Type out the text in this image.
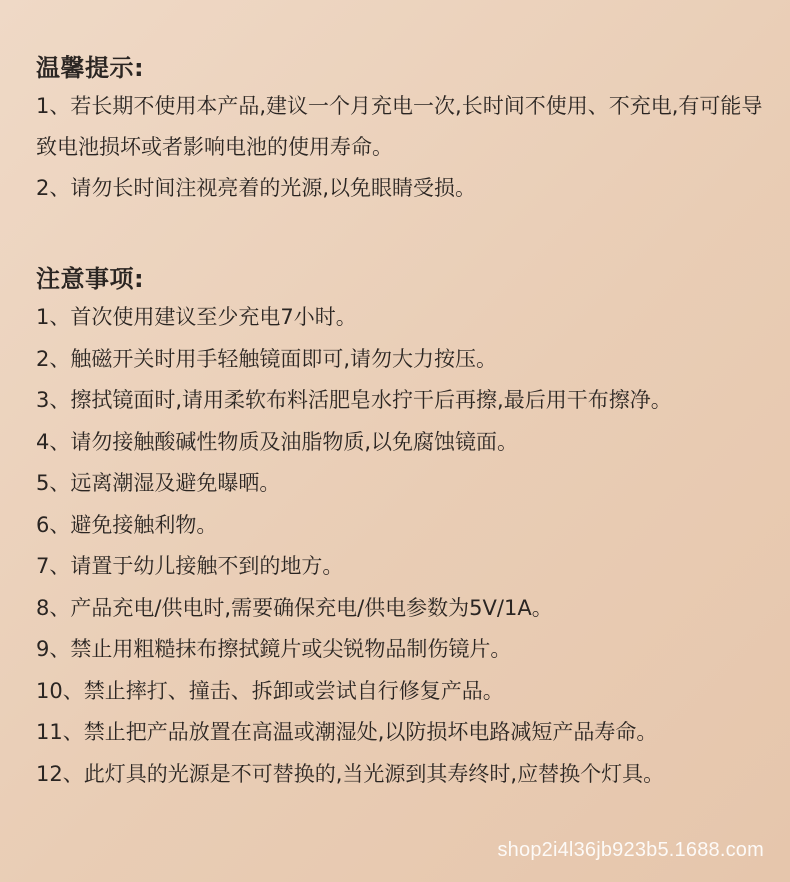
温馨提示:
1、若长期不使用本产品,建议一个月充电一次,长时间不使用、不充电,有可能导致电池损坏或者影响电池的使用寿命。
2、请勿长时间注视亮着的光源,以免眼睛受损。
注意事项:
1、首次使用建议至少充电7小时。
2、触磁开关时用手轻触镜面即可,请勿大力按压。
3、擦拭镜面时,请用柔软布料活肥皂水拧干后再擦,最后用干布擦净。
4、请勿接触酸碱性物质及油脂物质,以免腐蚀镜面。
5、远离潮湿及避免曝晒。
6、避免接触利物。
7、请置于幼儿接触不到的地方。
8、产品充电/供电时,需要确保充电/供电参数为5V/1A。
9、禁止用粗糙抹布擦拭鏡片或尖锐物品制伤镜片。
10、禁止摔打、撞击、拆卸或尝试自行修复产品。
11、禁止把产品放置在高温或潮湿处,以防损坏电路减短产品寿命。
12、此灯具的光源是不可替换的,当光源到其寿终时,应替换个灯具。
shop2i4l36jb923b5.1688.com
